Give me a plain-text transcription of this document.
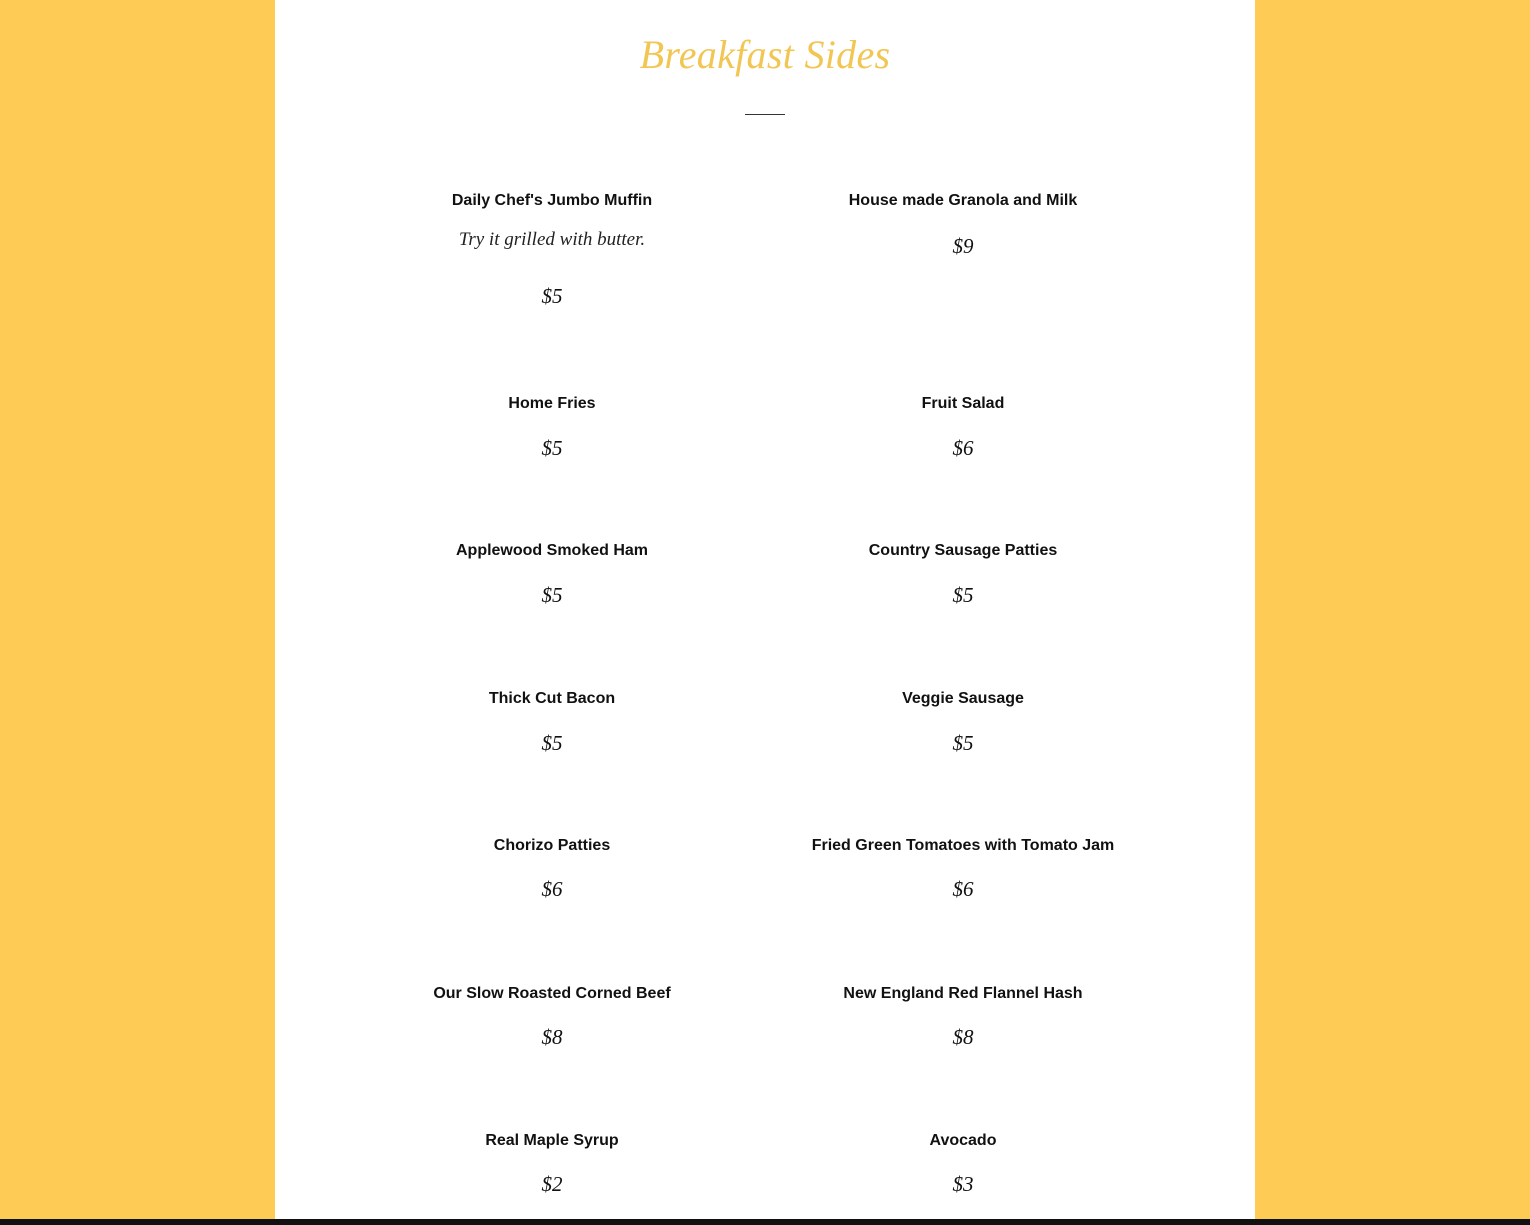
Breakfast Sides
Daily Chef's Jumbo Muffin
Try it grilled with butter.
$5
House made Granola and Milk
$9
Home Fries
$5
Fruit Salad
$6
Applewood Smoked Ham
$5
Country Sausage Patties
$5
Thick Cut Bacon
$5
Veggie Sausage
$5
Chorizo Patties
$6
Fried Green Tomatoes with Tomato Jam
$6
Our Slow Roasted Corned Beef
$8
New England Red Flannel Hash
$8
Real Maple Syrup
$2
Avocado
$3
